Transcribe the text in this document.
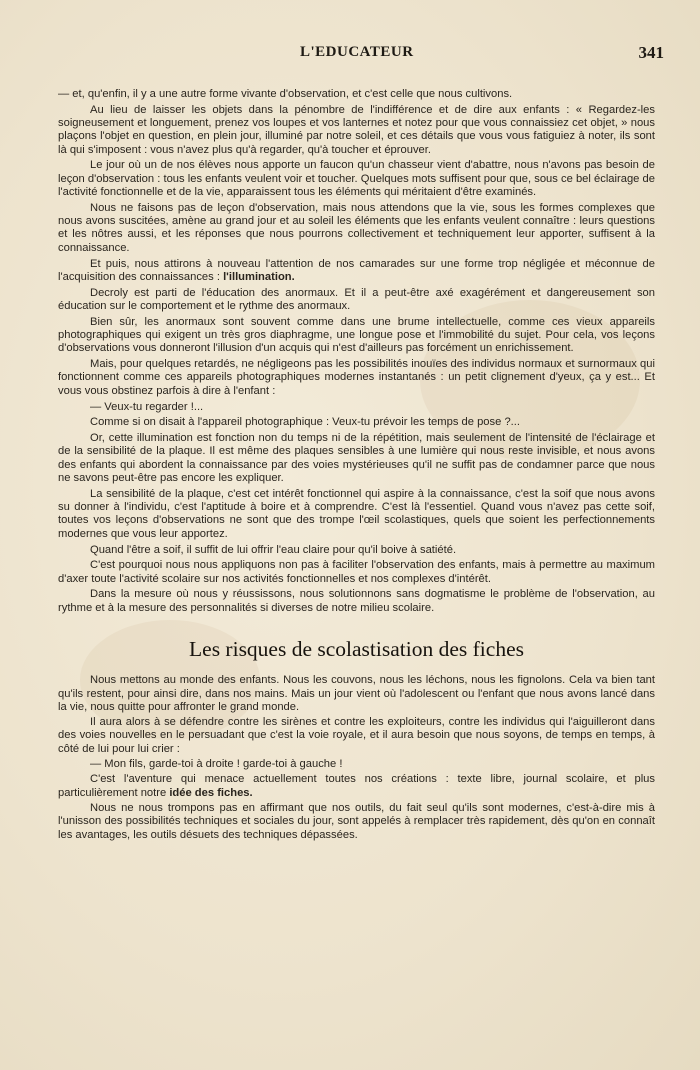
L'EDUCATEUR	341

— et, qu'enfin, il y a une autre forme vivante d'observation, et c'est celle que nous cultivons.

Au lieu de laisser les objets dans la pénombre de l'indifférence et de dire aux enfants : « Regardez-les soigneusement et longuement, prenez vos loupes et vos lanternes et notez pour que vous connaissiez cet objet, » nous plaçons l'objet en question, en plein jour, illuminé par notre soleil, et ces détails que vous vous fatiguiez à noter, ils sont là qui s'imposent : vous n'avez plus qu'à regarder, qu'à toucher et éprouver.

Le jour où un de nos élèves nous apporte un faucon qu'un chasseur vient d'abattre, nous n'avons pas besoin de leçon d'observation : tous les enfants veulent voir et toucher. Quelques mots suffisent pour que, sous ce bel éclairage de l'activité fonctionnelle et de la vie, apparaissent tous les éléments qui méritaient d'être examinés.

Nous ne faisons pas de leçon d'observation, mais nous attendons que la vie, sous les formes complexes que nous avons suscitées, amène au grand jour et au soleil les éléments que les enfants veulent connaître : leurs questions et les nôtres aussi, et les réponses que nous pourrons collectivement et techniquement leur apporter, suffisent à la connaissance.

Et puis, nous attirons à nouveau l'attention de nos camarades sur une forme trop négligée et méconnue de l'acquisition des connaissances : l'illumination.

Decroly est parti de l'éducation des anormaux. Et il a peut-être axé exagérément et dangereusement son éducation sur le comportement et le rythme des anormaux.

Bien sûr, les anormaux sont souvent comme dans une brume intellectuelle, comme ces vieux appareils photographiques qui exigent un très gros diaphragme, une longue pose et l'immobilité du sujet. Pour cela, vos leçons d'observations vous donneront l'illusion d'un acquis qui n'est d'ailleurs pas forcément un enrichissement.

Mais, pour quelques retardés, ne négligeons pas les possibilités inouïes des individus normaux et surnormaux qui fonctionnent comme ces appareils photographiques modernes instantanés : un petit clignement d'yeux, ça y est... Et vous vous obstinez parfois à dire à l'enfant :

— Veux-tu regarder !...

Comme si on disait à l'appareil photographique : Veux-tu prévoir les temps de pose ?...

Or, cette illumination est fonction non du temps ni de la répétition, mais seulement de l'intensité de l'éclairage et de la sensibilité de la plaque. Il est même des plaques sensibles à une lumière qui nous reste invisible, et nous avons des enfants qui abordent la connaissance par des voies mystérieuses qu'il ne suffit pas de condamner parce que nous ne savons peut-être pas encore les expliquer.

La sensibilité de la plaque, c'est cet intérêt fonctionnel qui aspire à la connaissance, c'est la soif que nous avons su donner à l'individu, c'est l'aptitude à boire et à comprendre. C'est là l'essentiel. Quand vous n'avez pas cette soif, toutes vos leçons d'observations ne sont que des trompe l'œil scolastiques, quels que soient les perfectionnements modernes que vous leur apportez.

Quand l'être a soif, il suffit de lui offrir l'eau claire pour qu'il boive à satiété.

C'est pourquoi nous nous appliquons non pas à faciliter l'observation des enfants, mais à permettre au maximum d'axer toute l'activité scolaire sur nos activités fonctionnelles et nos complexes d'intérêt.

Dans la mesure où nous y réussissons, nous solutionnons sans dogmatisme le problème de l'observation, au rythme et à la mesure des personnalités si diverses de notre milieu scolaire.

Les risques de scolastisation des fiches

Nous mettons au monde des enfants. Nous les couvons, nous les léchons, nous les fignolons. Cela va bien tant qu'ils restent, pour ainsi dire, dans nos mains. Mais un jour vient où l'adolescent ou l'enfant que nous avons lancé dans la vie, nous quitte pour affronter le grand monde.

Il aura alors à se défendre contre les sirènes et contre les exploiteurs, contre les individus qui l'aiguilleront dans des voies nouvelles en le persuadant que c'est la voie royale, et il aura besoin que nous soyons, de temps en temps, à côté de lui pour lui crier :

— Mon fils, garde-toi à droite ! garde-toi à gauche !

C'est l'aventure qui menace actuellement toutes nos créations : texte libre, journal scolaire, et plus particulièrement notre idée des fiches.

Nous ne nous trompons pas en affirmant que nos outils, du fait seul qu'ils sont modernes, c'est-à-dire mis à l'unisson des possibilités techniques et sociales du jour, sont appelés à remplacer très rapidement, dès qu'on en connaît les avantages, les outils désuets des techniques dépassées.
